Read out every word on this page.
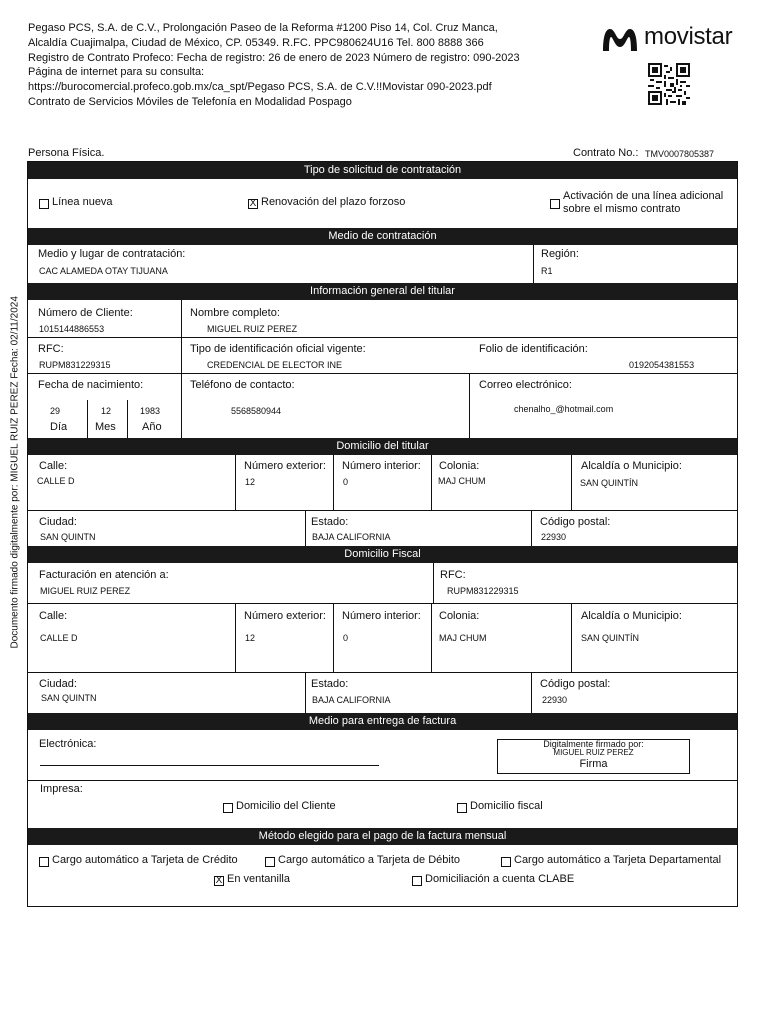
Pegaso PCS, S.A. de C.V., Prolongación Paseo de la Reforma #1200 Piso 14, Col. Cruz Manca,
Alcaldía Cuajimalpa, Ciudad de México, CP. 05349. R.FC. PPC980624U16 Tel. 800 8888 366
Registro de Contrato Profeco: Fecha de registro: 26 de enero de 2023 Número de registro: 090-2023
Página de internet para su consulta:
https://burocomercial.profeco.gob.mx/ca_spt/Pegaso PCS, S.A. de C.V.!!Movistar 090-2023.pdf
Contrato de Servicios Móviles de Telefonía en Modalidad Pospago
movistar
Persona Física.	Contrato No.: TMV0007805387
Documento firmado digitalmente por: MIGUEL RUIZ PEREZ Fecha: 02/11/2024
Tipo de solicitud de contratación
Línea nueva	X Renovación del plazo forzoso	Activación de una línea adicional
sobre el mismo contrato
Medio de contratación
Medio y lugar de contratación:
CAC ALAMEDA OTAY TIJUANA
Región:
R1
Información general del titular
Número de Cliente:
1015144886553
Nombre completo:
MIGUEL RUIZ PEREZ
RFC:
RUPM831229315
Tipo de identificación oficial vigente:
CREDENCIAL DE ELECTOR INE
Folio de identificación:
0192054381553
Fecha de nacimiento:
29	12	1983
Día	Mes Año
Teléfono de contacto:
5568580944
Correo electrónico:
chenalho_@hotmail.com
Domicilio del titular
Calle:
CALLE D
Número exterior:
12
Número interior:
0
Colonia:
MAJ CHUM
Alcaldía o Municipio:
SAN QUINTÍN
Ciudad:
SAN QUINTN
Estado:
BAJA CALIFORNIA
Código postal:
22930
Domicilio Fiscal
Facturación en atención a:
MIGUEL RUIZ PEREZ
RFC:
RUPM831229315
Calle:
CALLE D
Número exterior:
12
Número interior:
0
Colonia:
MAJ CHUM
Alcaldía o Municipio:
SAN QUINTÍN
Ciudad:
SAN QUINTN
Estado:
BAJA CALIFORNIA
Código postal:
22930
Medio para entrega de factura
Electrónica:	Digitalmente firmado por:
MIGUEL RUIZ PEREZ
Firma
Impresa:
Domicilio del Cliente	Domicilio fiscal
Método elegido para el pago de la factura mensual
Cargo automático a Tarjeta de Crédito	Cargo automático a Tarjeta de Débito	Cargo automático a Tarjeta Departamental
X En ventanilla	Domiciliación a cuenta CLABE
